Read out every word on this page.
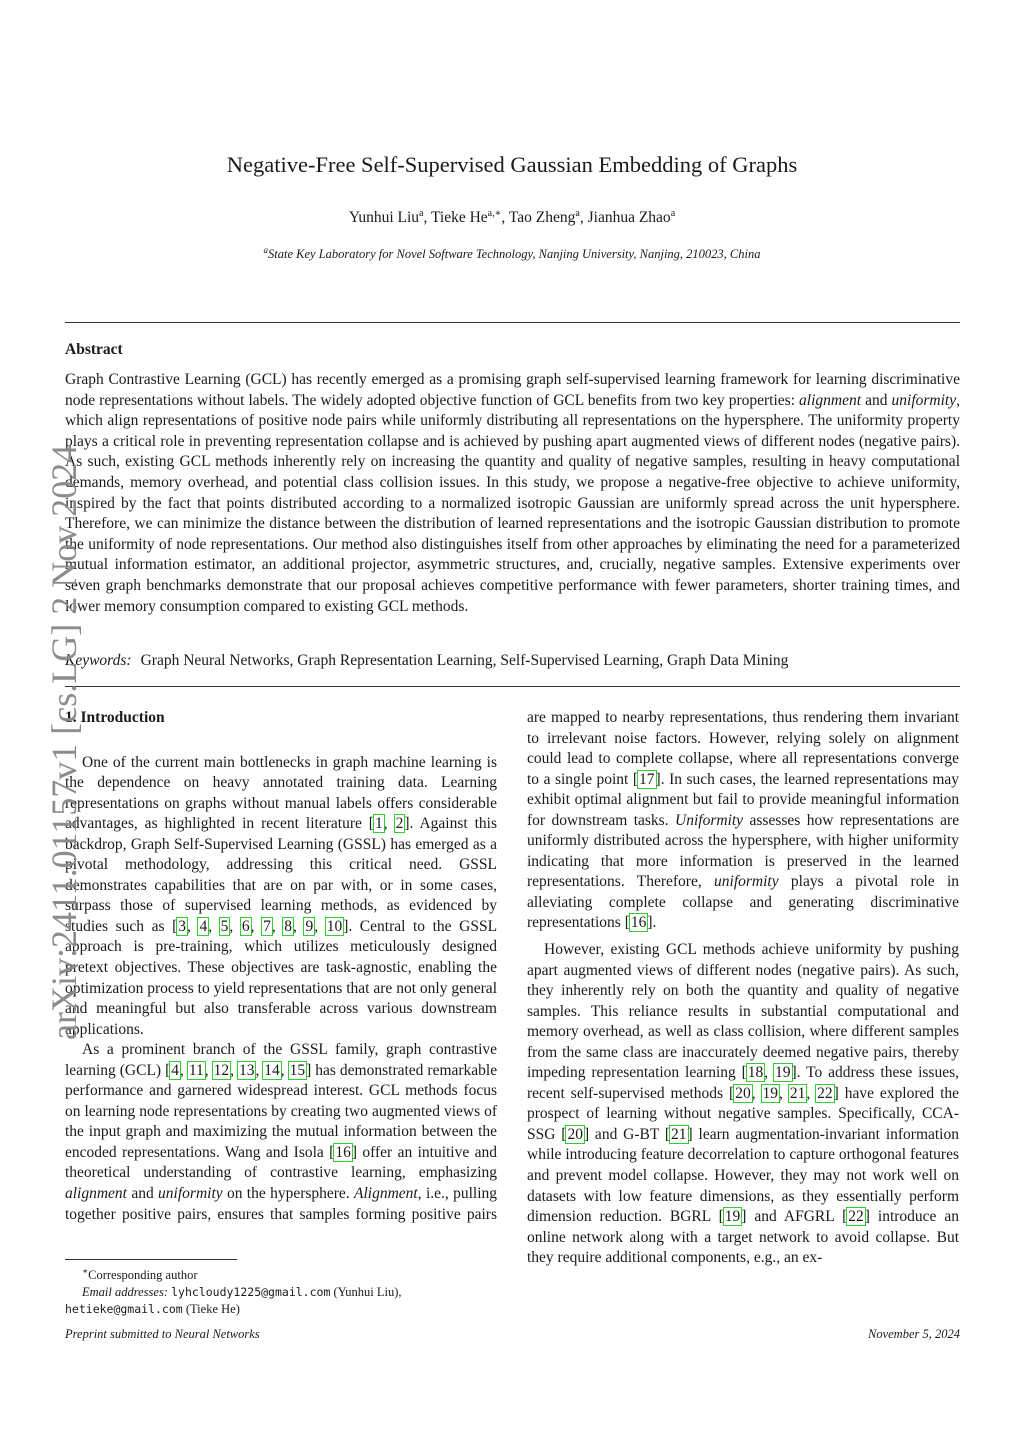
Negative-Free Self-Supervised Gaussian Embedding of Graphs
Yunhui Liu$^a$, Tieke $He^{a,∗}$, Tao Zheng$^a$, Jianhua Zhao$^a$
$^a$State Key Laboratory for Novel Software Technology, Nanjing University, Nanjing, 210023, China
Abstract
Graph Contrastive Learning (GCL) has recently emerged as a promising graph self-supervised learning framework for learning discriminative node representations without labels. The widely adopted objective function of GCL benefits from two key properties: alignment and uniformity, which align representations of positive node pairs while uniformly distributing all representations on the hypersphere. The uniformity property plays a critical role in preventing representation collapse and is achieved by pushing apart augmented views of different nodes (negative pairs). As such, existing GCL methods inherently rely on increasing the quantity and quality of negative samples, resulting in heavy computational demands, memory overhead, and potential class collision issues. In this study, we propose a negative-free objective to achieve uniformity, inspired by the fact that points distributed according to a normalized isotropic Gaussian are uniformly spread across the unit hypersphere. Therefore, we can minimize the distance between the distribution of learned representations and the isotropic Gaussian distribution to promote the uniformity of node representations. Our method also distinguishes itself from other approaches by eliminating the need for a parameterized mutual information estimator, an additional projector, asymmetric structures, and, crucially, negative samples. Extensive experiments over seven graph benchmarks demonstrate that our proposal achieves competitive performance with fewer parameters, shorter training times, and lower memory consumption compared to existing GCL methods.
Keywords: Graph Neural Networks, Graph Representation Learning, Self-Supervised Learning, Graph Data Mining

1. Introduction

One of the current main bottlenecks in graph machine learning is the dependence on heavy annotated training data. Learning representations on graphs without manual labels offers considerable advantages, as highlighted in recent literature [1, 2]. Against this backdrop, Graph Self-Supervised Learning (GSSL) has emerged as a pivotal methodology, addressing this critical need. GSSL demonstrates capabilities that are on par with, or in some cases, surpass those of supervised learning methods, as evidenced by studies such as [3, 4, 5, 6, 7, 8, 9, 10]. Central to the GSSL approach is pre-training, which utilizes meticulously designed pretext objectives. These objectives are task-agnostic, enabling the optimization process to yield representations that are not only general and meaningful but also transferable across various downstream applications.

As a prominent branch of the GSSL family, graph contrastive learning (GCL) [4, 11, 12, 13, 14, 15] has demonstrated remarkable performance and garnered widespread interest. GCL methods focus on learning node representations by creating two augmented views of the input graph and maximizing the mutual information between the encoded representations. Wang and Isola [16] offer an intuitive and theoretical understanding of contrastive learning, emphasizing alignment and uniformity on the hypersphere. Alignment, i.e., pulling together positive pairs, ensures that samples forming positive pairs

are mapped to nearby representations, thus rendering them invariant to irrelevant noise factors. However, relying solely on alignment could lead to complete collapse, where all representations converge to a single point [17]. In such cases, the learned representations may exhibit optimal alignment but fail to provide meaningful information for downstream tasks. Uniformity assesses how representations are uniformly distributed across the hypersphere, with higher uniformity indicating that more information is preserved in the learned representations. Therefore, uniformity plays a pivotal role in alleviating complete collapse and generating discriminative representations [16].

However, existing GCL methods achieve uniformity by pushing apart augmented views of different nodes (negative pairs). As such, they inherently rely on both the quantity and quality of negative samples. This reliance results in substantial computational and memory overhead, as well as class collision, where different samples from the same class are inaccurately deemed negative pairs, thereby impeding representation learning [18, 19]. To address these issues, recent self-supervised methods [20, 19, 21, 22] have explored the prospect of learning without negative samples. Specifically, CCA-SSG [20] and G-BT [21] learn augmentation-invariant information while introducing feature decorrelation to capture orthogonal features and prevent model collapse. However, they may not work well on datasets with low feature dimensions, as they essentially perform dimension reduction. BGRL [19] and AFGRL [22] introduce an online network along with a target network to avoid collapse. But they require additional components, e.g., an ex-

∗Corresponding author

Email addresses: lyhcloudy1225@gmail.com (Yunhui Liu),

hetieke@gmail.com (Tieke He)

Preprint submitted to Neural Networks	November 5, 2024
arXiv:2411.01157v1 [cs.LG] 2 Nov 2024
